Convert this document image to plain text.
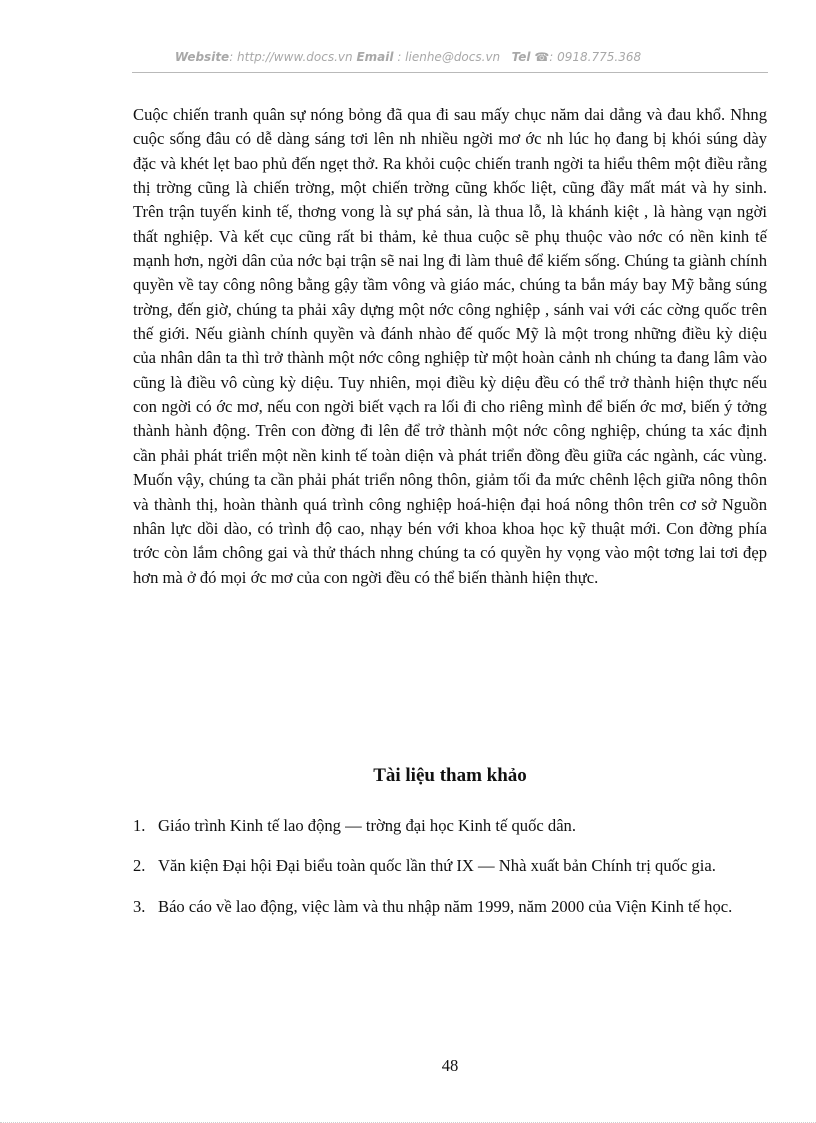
Website: http://www.docs.vn Email : lienhe@docs.vn Tel ☎: 0918.775.368

Cuộc chiến tranh quân sự nóng bỏng đã qua đi sau mấy chục năm dai dẳng và đau khổ. Nhng cuộc sống đâu có dễ dàng sáng tơi lên nh nhiều ngời mơ ớc nh lúc họ đang bị khói súng dày đặc và khét lẹt bao phủ đến ngẹt thở. Ra khỏi cuộc chiến tranh ngời ta hiểu thêm một điều rằng thị trờng cũng là chiến trờng, một chiến trờng cũng khốc liệt, cũng đầy mất mát và hy sinh. Trên trận tuyến kinh tế, thơng vong là sự phá sản, là thua lỗ, là khánh kiệt , là hàng vạn ngời thất nghiệp. Và kết cục cũng rất bi thảm, kẻ thua cuộc sẽ phụ thuộc vào nớc có nền kinh tế mạnh hơn, ngời dân của nớc bại trận sẽ nai lng đi làm thuê để kiếm sống. Chúng ta giành chính quyền về tay công nông bằng gậy tầm vông và giáo mác, chúng ta bắn máy bay Mỹ bằng súng trờng, đến giờ, chúng ta phải xây dựng một nớc công nghiệp , sánh vai với các cờng quốc trên thế giới. Nếu giành chính quyền và đánh nhào đế quốc Mỹ là một trong những điều kỳ diệu của nhân dân ta thì trở thành một nớc công nghiệp từ một hoàn cảnh nh chúng ta đang lâm vào cũng là điều vô cùng kỳ diệu. Tuy nhiên, mọi điều kỳ diệu đều có thể trở thành hiện thực nếu con ngời có ớc mơ, nếu con ngời biết vạch ra lối đi cho riêng mình để biến ớc mơ, biến ý tởng thành hành động. Trên con đờng đi lên để trở thành một nớc công nghiệp, chúng ta xác định cần phải phát triển một nền kinh tế toàn diện và phát triển đồng đều giữa các ngành, các vùng. Muốn vậy, chúng ta cần phải phát triển nông thôn, giảm tối đa mức chênh lệch giữa nông thôn và thành thị, hoàn thành quá trình công nghiệp hoá-hiện đại hoá nông thôn trên cơ sở Nguồn nhân lực dồi dào, có trình độ cao, nhạy bén với khoa khoa học kỹ thuật mới. Con đờng phía trớc còn lắm chông gai và thử thách nhng chúng ta có quyền hy vọng vào một tơng lai tơi đẹp hơn mà ở đó mọi ớc mơ của con ngời đều có thể biến thành hiện thực.

Tài liệu tham khảo
1. Giáo trình Kinh tế lao động — trờng đại học Kinh tế quốc dân.
2. Văn kiện Đại hội Đại biểu toàn quốc lần thứ IX — Nhà xuất bản Chính trị quốc gia.
3. Báo cáo về lao động, việc làm và thu nhập năm 1999, năm 2000 của Viện Kinh tế học.
48
